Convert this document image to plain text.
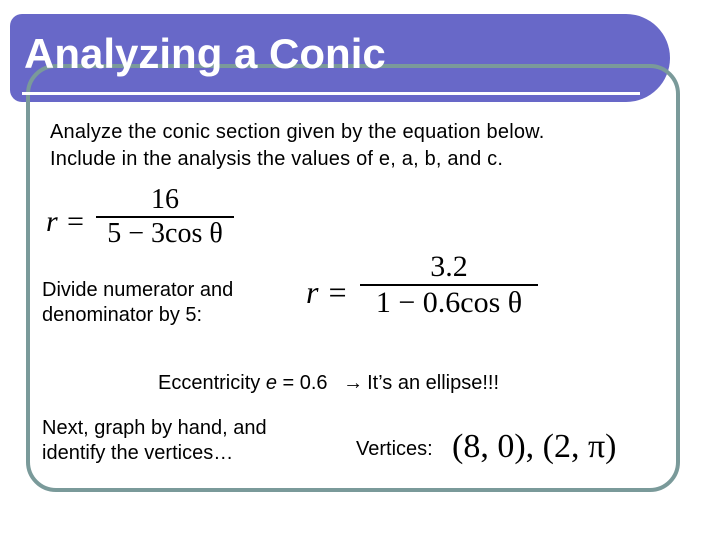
Analyzing a Conic
Analyze the conic section given by the equation below.
Include in the analysis the values of e, a, b, and c.
r =
16
5 − 3cos θ
Divide numerator and
denominator by 5:
r =
3.2
1 − 0.6cos θ

Eccentricity e = 0.6 → It’s an ellipse!!!

Next, graph by hand, and
identify the vertices…	Vertices: (8, 0), (2, π)
